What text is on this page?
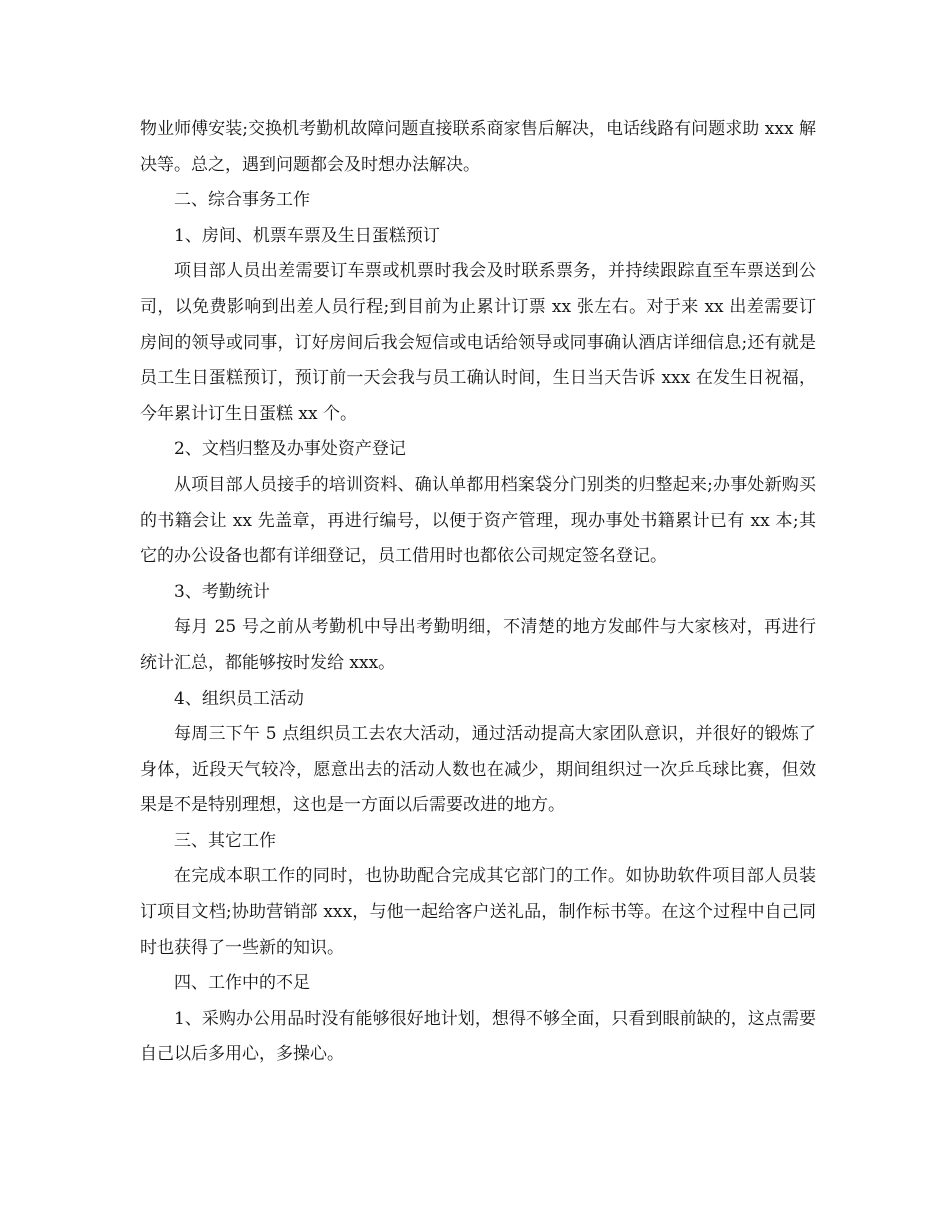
物业师傅安装;交换机考勤机故障问题直接联系商家售后解决，电话线路有问题求助 xxx 解决等。总之，遇到问题都会及时想办法解决。

二、综合事务工作

1、房间、机票车票及生日蛋糕预订

项目部人员出差需要订车票或机票时我会及时联系票务，并持续跟踪直至车票送到公司，以免费影响到出差人员行程;到目前为止累计订票 xx 张左右。对于来 xx 出差需要订房间的领导或同事，订好房间后我会短信或电话给领导或同事确认酒店详细信息;还有就是员工生日蛋糕预订，预订前一天会我与员工确认时间，生日当天告诉 xxx 在发生日祝福，今年累计订生日蛋糕 xx 个。

2、文档归整及办事处资产登记

从项目部人员接手的培训资料、确认单都用档案袋分门别类的归整起来;办事处新购买的书籍会让 xx 先盖章，再进行编号，以便于资产管理，现办事处书籍累计已有 xx 本;其它的办公设备也都有详细登记，员工借用时也都依公司规定签名登记。

3、考勤统计

每月 25 号之前从考勤机中导出考勤明细，不清楚的地方发邮件与大家核对，再进行统计汇总，都能够按时发给 xxx。

4、组织员工活动

每周三下午 5 点组织员工去农大活动，通过活动提高大家团队意识，并很好的锻炼了身体，近段天气较冷，愿意出去的活动人数也在减少，期间组织过一次乒乓球比赛，但效果是不是特别理想，这也是一方面以后需要改进的地方。

三、其它工作

在完成本职工作的同时，也协助配合完成其它部门的工作。如协助软件项目部人员装订项目文档;协助营销部 xxx，与他一起给客户送礼品，制作标书等。在这个过程中自己同时也获得了一些新的知识。

四、工作中的不足

1、采购办公用品时没有能够很好地计划，想得不够全面，只看到眼前缺的，这点需要自己以后多用心，多操心。
